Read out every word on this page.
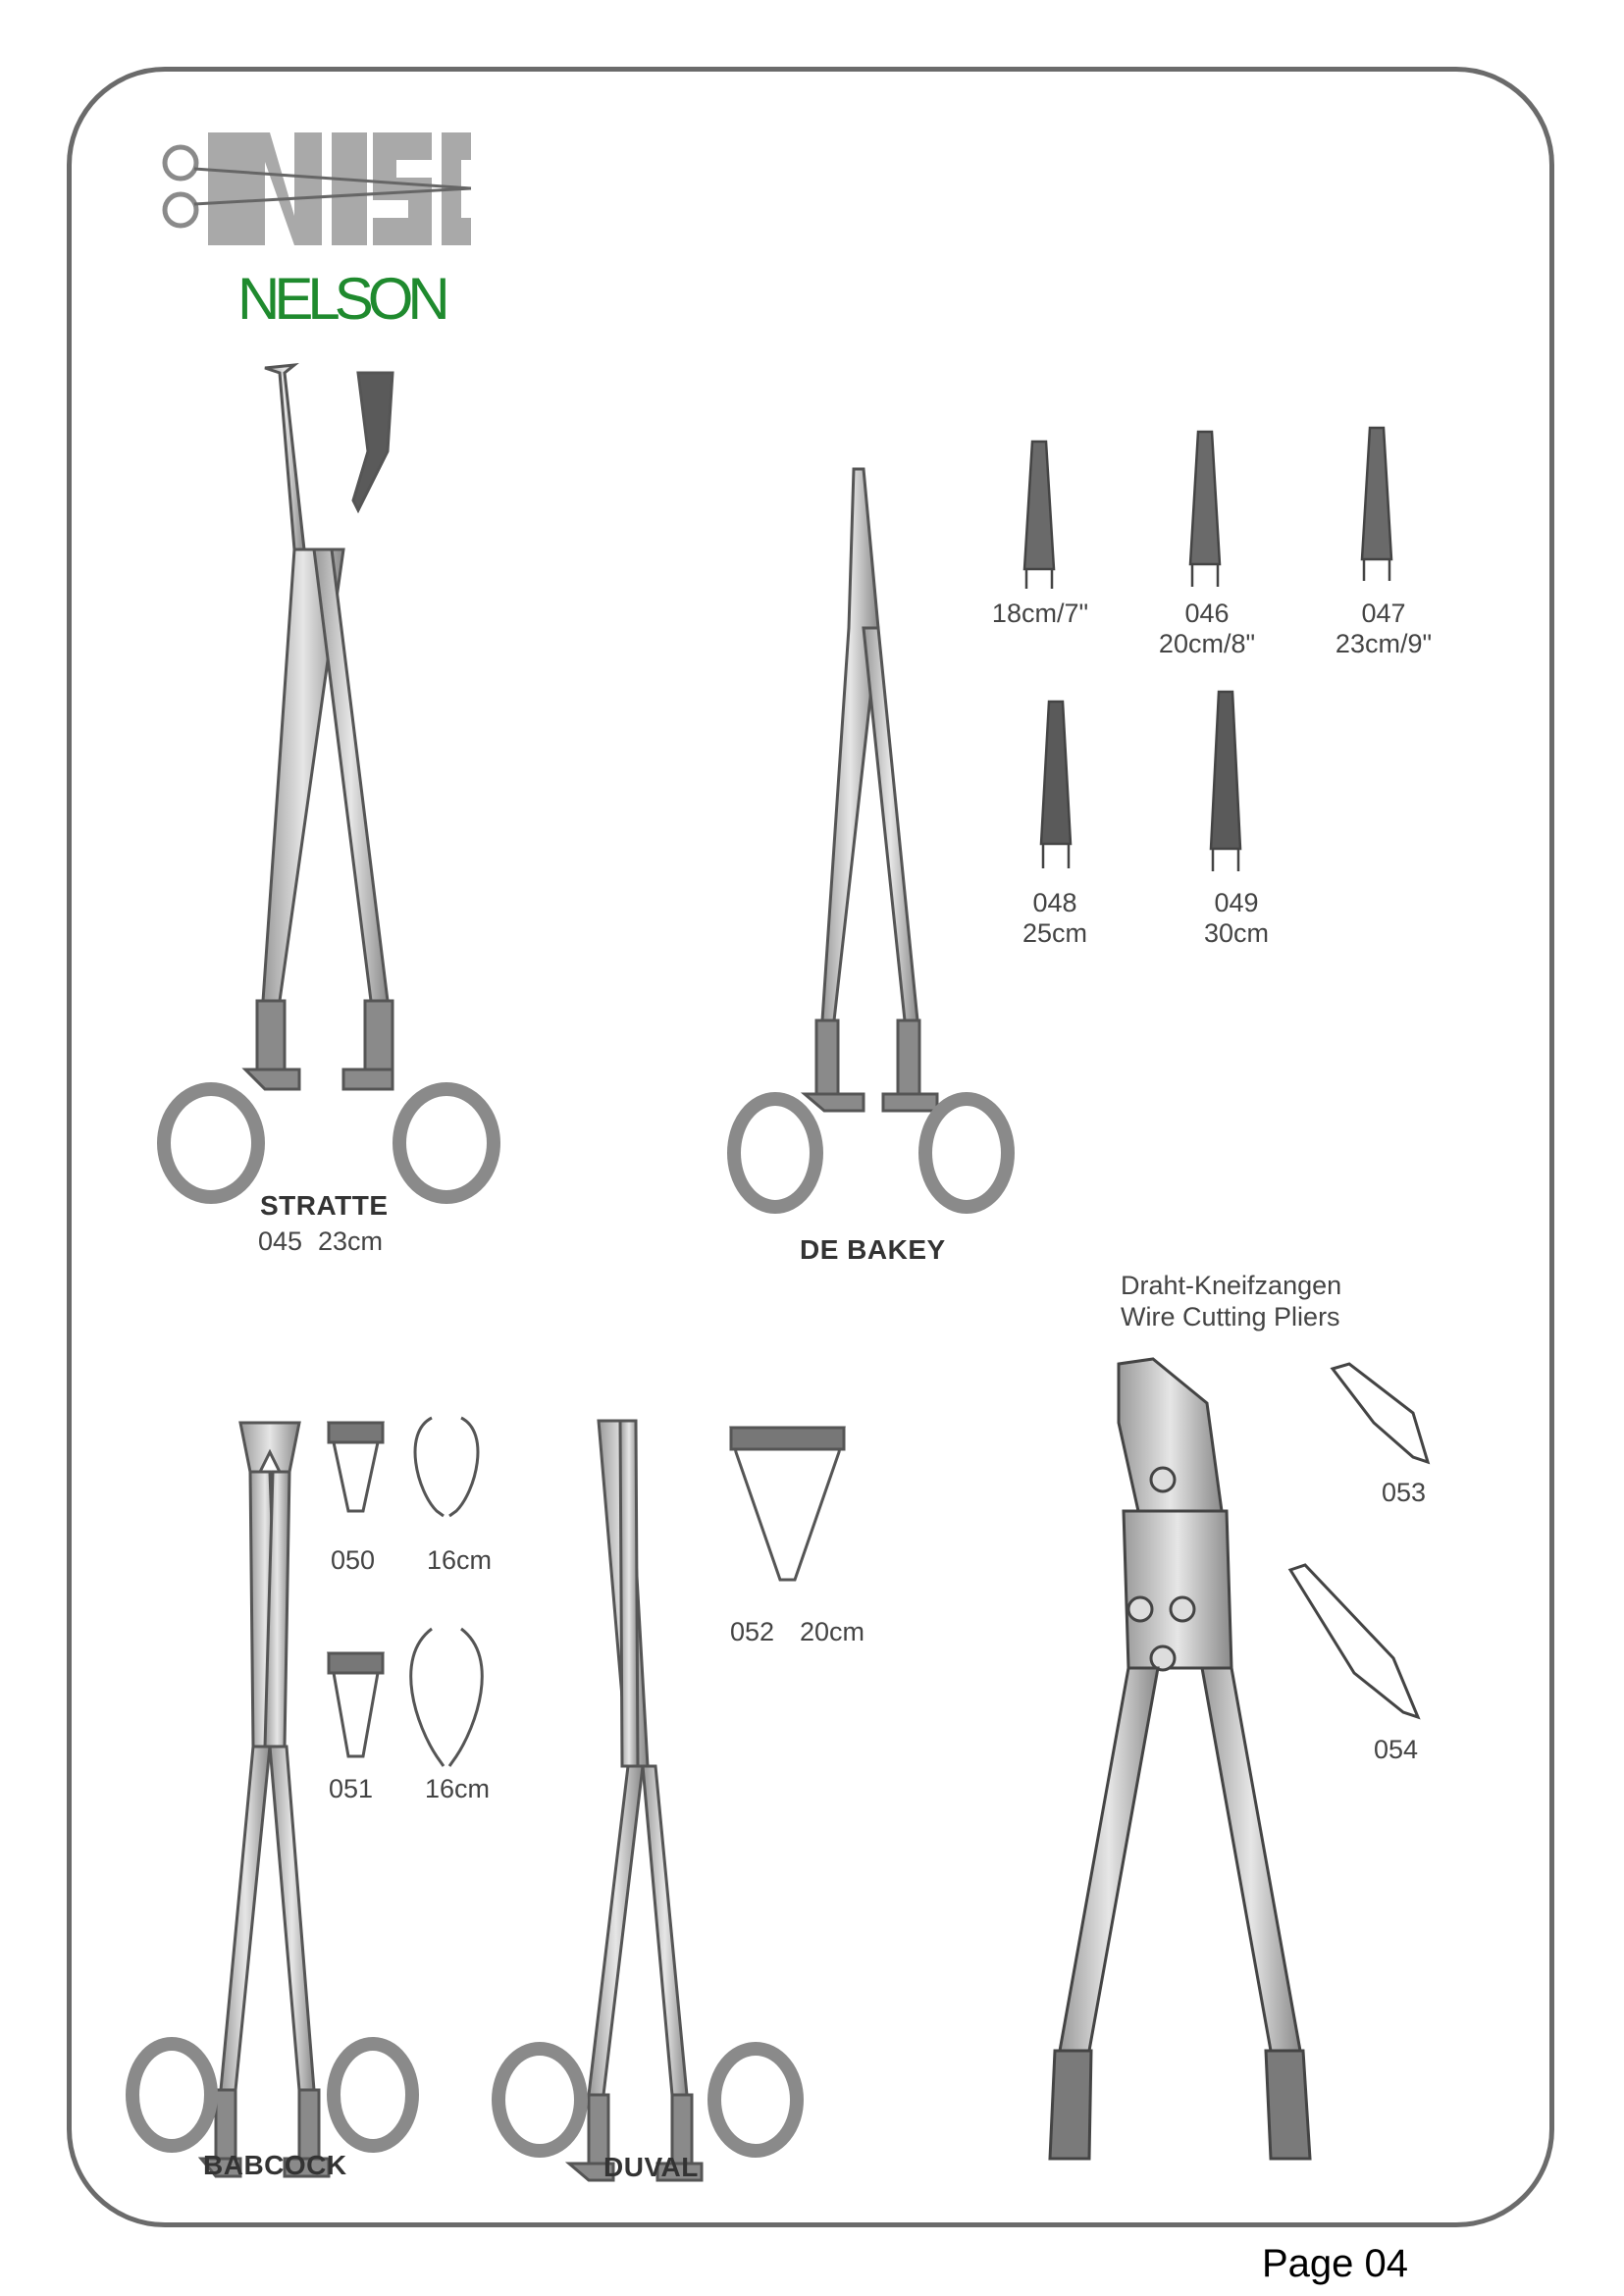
NELSON
STRATTE
045 23cm	DE BAKEY
18cm/7"	046
20cm/8"
047
23cm/9"
048
25cm
049
30cm
BABCOCK
050 16cm
051 16cm
DUVAL
052 20cm
Draht-Kneifzangen
Wire Cutting Pliers
053
054
Page 04
